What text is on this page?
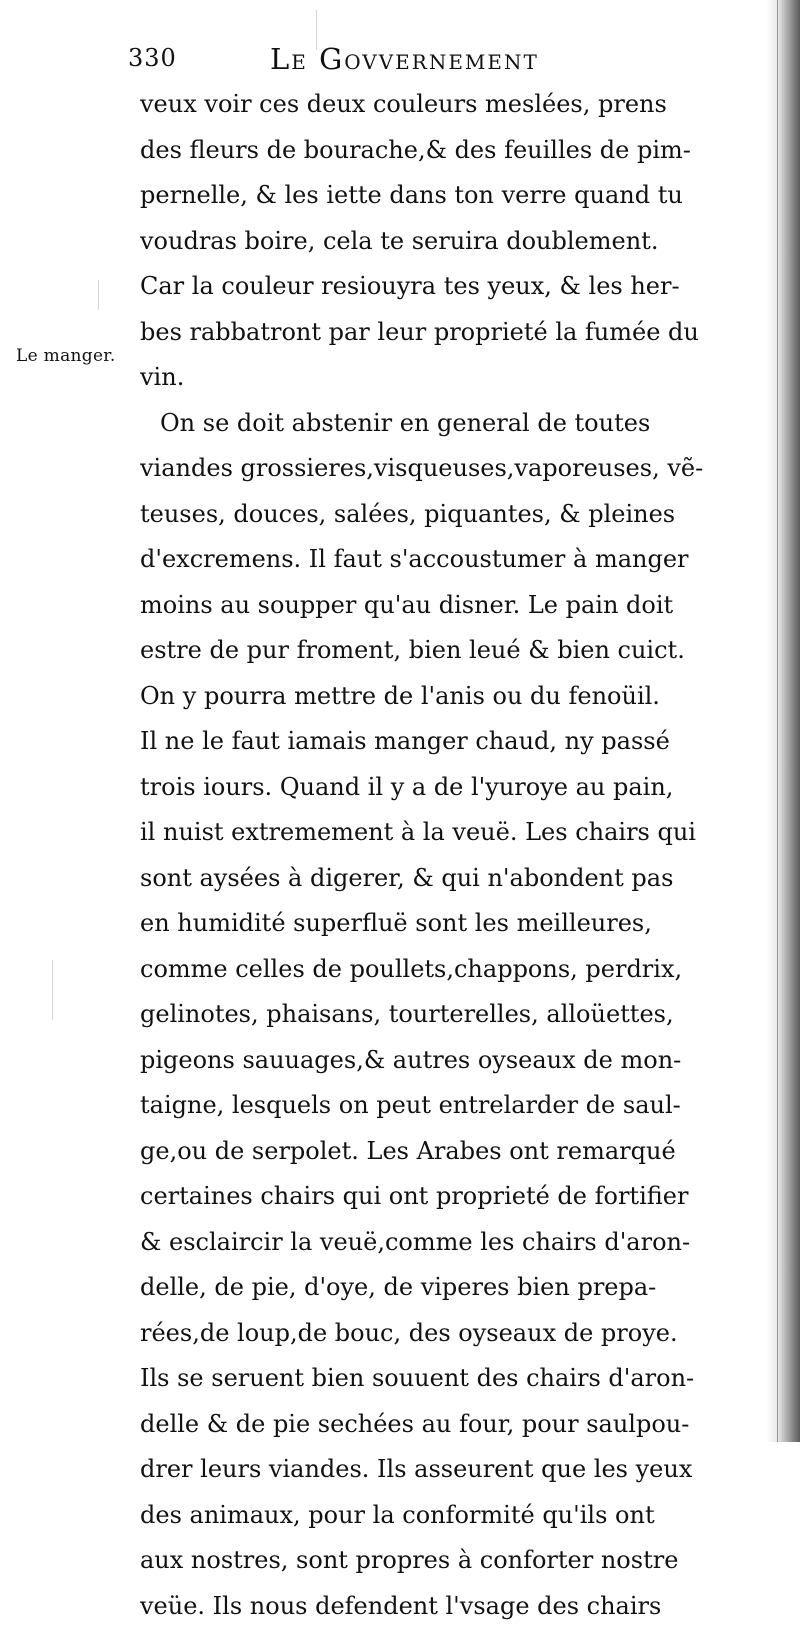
330	Le Govvernement
Le manger.
veux voir ces deux couleurs meslées, prens
des fleurs de bourache,& des feuilles de pim-
pernelle, & les iette dans ton verre quand tu
voudras boire, cela te seruira doublement.
Car la couleur resiouyra tes yeux, & les her-
bes rabbatront par leur proprieté la fumée du
vin.
On se doit abstenir en general de toutes
viandes grossieres,visqueuses,vaporeuses, vẽ-
teuses, douces, salées, piquantes, & pleines
d'excremens. Il faut s'accoustumer à manger
moins au soupper qu'au disner. Le pain doit
estre de pur froment, bien leué & bien cuict.
On y pourra mettre de l'anis ou du fenoüil.
Il ne le faut iamais manger chaud, ny passé
trois iours. Quand il y a de l'yuroye au pain,
il nuist extremement à la veuë. Les chairs qui
sont aysées à digerer, & qui n'abondent pas
en humidité superfluë sont les meilleures,
comme celles de poullets,chappons, perdrix,
gelinotes, phaisans, tourterelles, alloüettes,
pigeons sauuages,& autres oyseaux de mon-
taigne, lesquels on peut entrelarder de saul-
ge,ou de serpolet. Les Arabes ont remarqué
certaines chairs qui ont proprieté de fortifier
& esclaircir la veuë,comme les chairs d'aron-
delle, de pie, d'oye, de viperes bien prepa-
rées,de loup,de bouc, des oyseaux de proye.
Ils se seruent bien souuent des chairs d'aron-
delle & de pie sechées au four, pour saulpou-
drer leurs viandes. Ils asseurent que les yeux
des animaux, pour la conformité qu'ils ont
aux nostres, sont propres à conforter nostre
veüe. Ils nous defendent l'vsage des chairs
